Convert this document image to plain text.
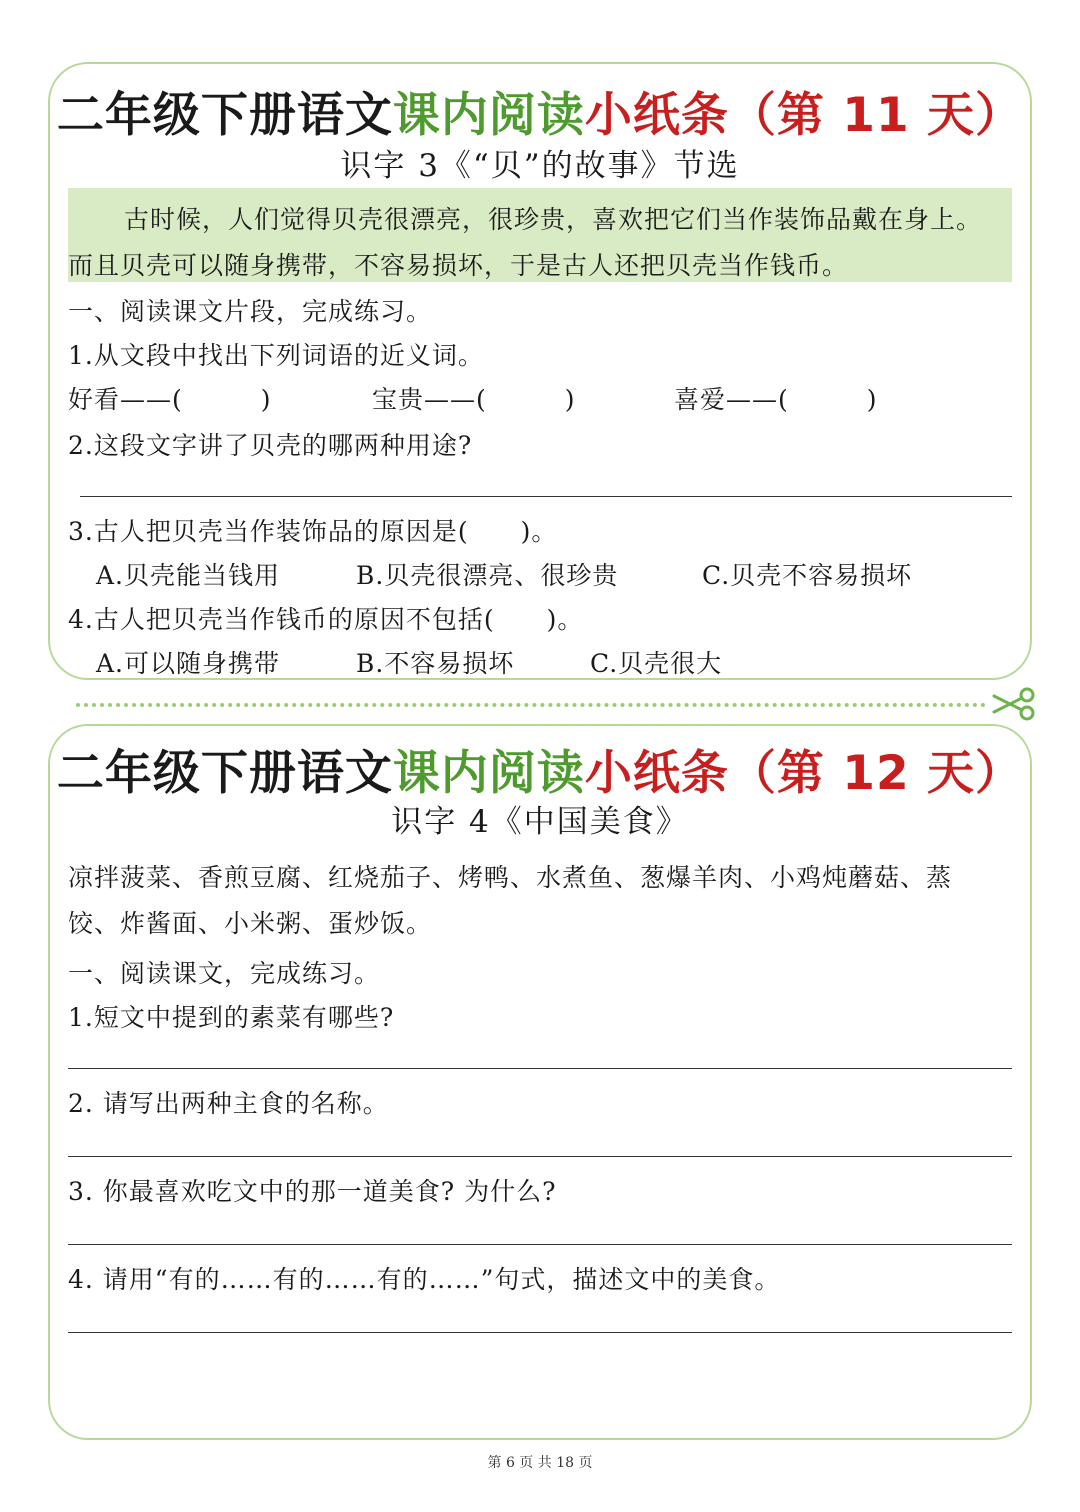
二年级下册语文课内阅读小纸条（第 11 天）
识字 3《“贝”的故事》节选
古时候，人们觉得贝壳很漂亮，很珍贵，喜欢把它们当作装饰品戴在身上。
而且贝壳可以随身携带，不容易损坏，于是古人还把贝壳当作钱币。
一、阅读课文片段，完成练习。
1.从文段中找出下列词语的近义词。
好看——(　　　)	宝贵——(　　　)	喜爱——(　　　)
2.这段文字讲了贝壳的哪两种用途?
3.古人把贝壳当作装饰品的原因是(　　)。
A.贝壳能当钱用	B.贝壳很漂亮、很珍贵	C.贝壳不容易损坏
4.古人把贝壳当作钱币的原因不包括(　　)。
A.可以随身携带	B.不容易损坏	C.贝壳很大
二年级下册语文课内阅读小纸条（第 12 天）
识字 4《中国美食》
凉拌菠菜、香煎豆腐、红烧茄子、烤鸭、水煮鱼、葱爆羊肉、小鸡炖蘑菇、蒸
饺、炸酱面、小米粥、蛋炒饭。
一、阅读课文，完成练习。
1.短文中提到的素菜有哪些?
2. 请写出两种主食的名称。
3. 你最喜欢吃文中的那一道美食? 为什么?
4. 请用“有的……有的……有的……”句式，描述文中的美食。
第 6 页 共 18 页
